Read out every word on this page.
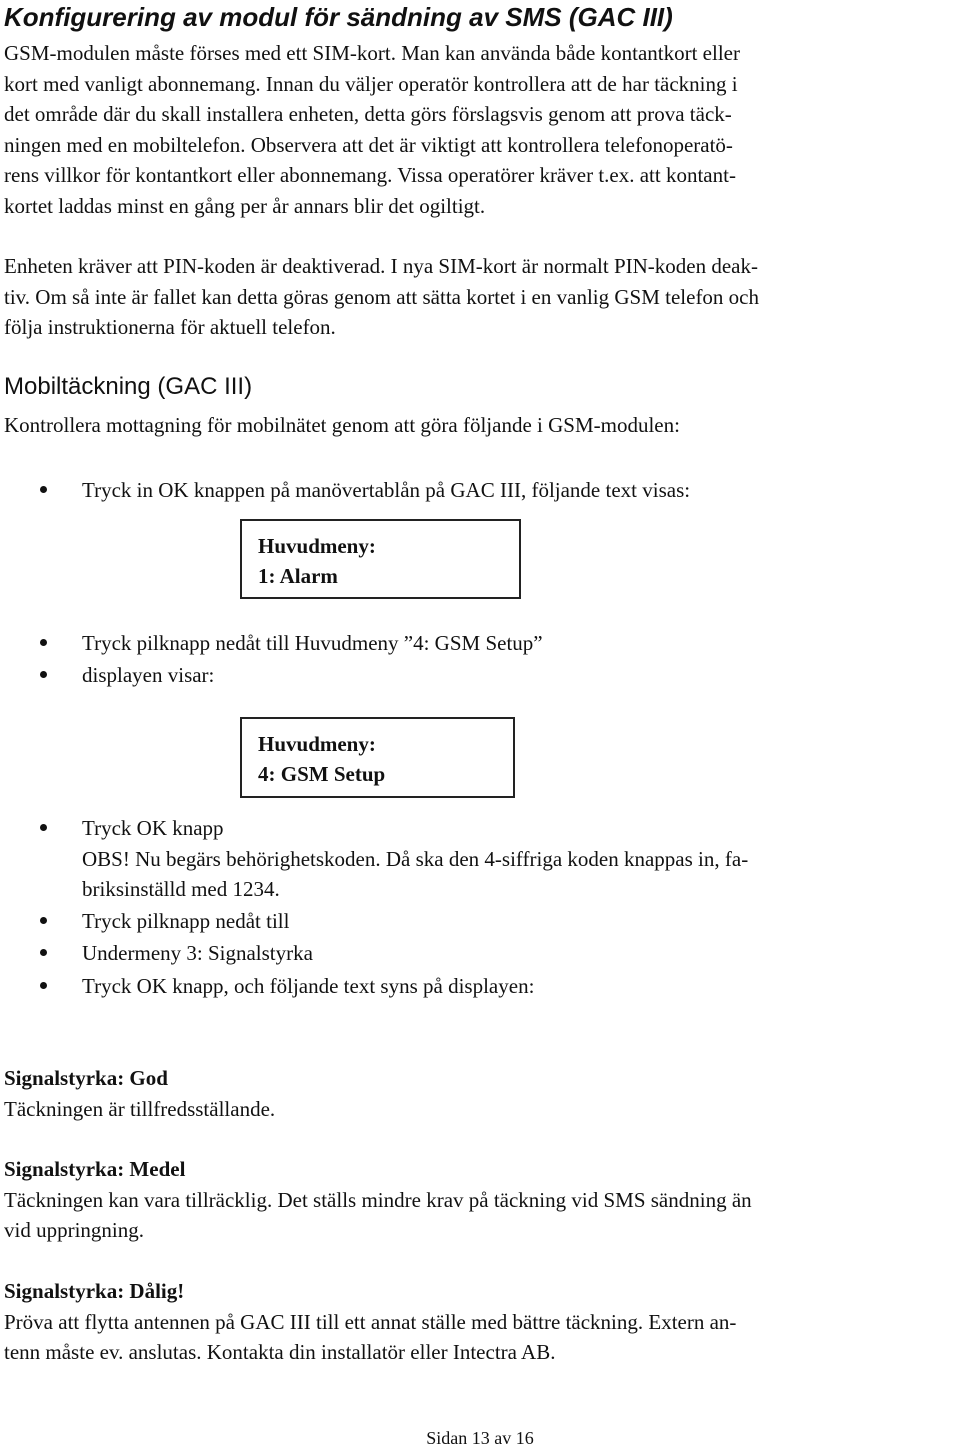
Konfigurering av modul för sändning av SMS (GAC III)

GSM-modulen måste förses med ett SIM-kort. Man kan använda både kontantkort eller
kort med vanligt abonnemang. Innan du väljer operatör kontrollera att de har täckning i
det område där du skall installera enheten, detta görs förslagsvis genom att prova täck-
ningen med en mobiltelefon. Observera att det är viktigt att kontrollera telefonoperatö-
rens villkor för kontantkort eller abonnemang. Vissa operatörer kräver t.ex. att kontant-
kortet laddas minst en gång per år annars blir det ogiltigt.

Enheten kräver att PIN-koden är deaktiverad. I nya SIM-kort är normalt PIN-koden deak-
tiv. Om så inte är fallet kan detta göras genom att sätta kortet i en vanlig GSM telefon och
följa instruktionerna för aktuell telefon.

Mobiltäckning (GAC III)

Kontrollera mottagning för mobilnätet genom att göra följande i GSM-modulen:

Tryck in OK knappen på manövertablån på GAC III, följande text visas:
Huvudmeny:
1: Alarm
Tryck pilknapp nedåt till Huvudmeny ”4: GSM Setup”
displayen visar:
Huvudmeny:
4: GSM Setup
Tryck OK knapp
OBS! Nu begärs behörighetskoden. Då ska den 4-siffriga koden knappas in, fa-
briksinställd med 1234.
Tryck pilknapp nedåt till
Undermeny 3: Signalstyrka
Tryck OK knapp, och följande text syns på displayen:

Signalstyrka: God
Täckningen är tillfredsställande.

Signalstyrka: Medel
Täckningen kan vara tillräcklig. Det ställs mindre krav på täckning vid SMS sändning än
vid uppringning.

Signalstyrka: Dålig!
Pröva att flytta antennen på GAC III till ett annat ställe med bättre täckning. Extern an-
tenn måste ev. anslutas. Kontakta din installatör eller Intectra AB.

Sidan 13 av 16
